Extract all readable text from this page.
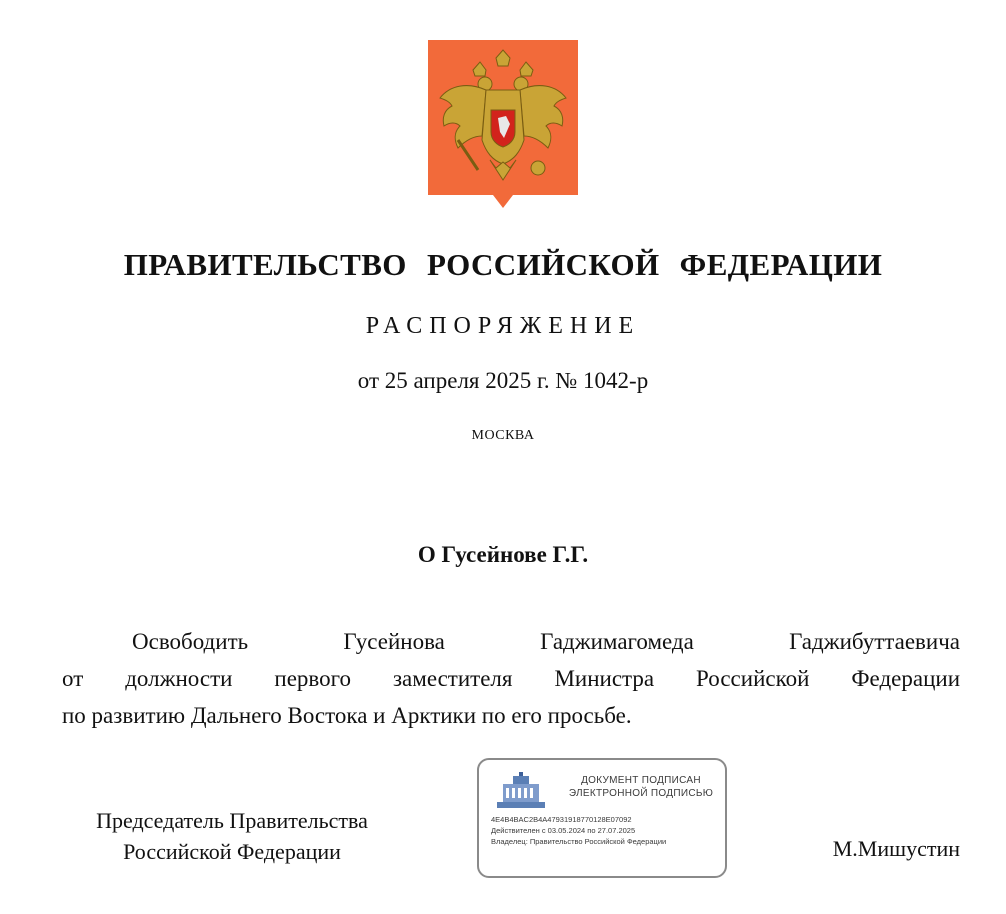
ПРАВИТЕЛЬСТВО РОССИЙСКОЙ ФЕДЕРАЦИИ
РАСПОРЯЖЕНИЕ
от 25 апреля 2025 г. № 1042-р
МОСКВА
О Гусейнове Г.Г.
Освободить Гусейнова Гаджимагомеда Гаджибуттаевича
от должности первого заместителя Министра Российской Федерации
по развитию Дальнего Востока и Арктики по его просьбе.
Председатель Правительства
Российской Федерации
ДОКУМЕНТ ПОДПИСАН
ЭЛЕКТРОННОЙ ПОДПИСЬЮ
4E4B4BAC2B4A47931918770128E07092
Действителен с 03.05.2024 по 27.07.2025
Владелец: Правительство Российской Федерации	М.Мишустин
